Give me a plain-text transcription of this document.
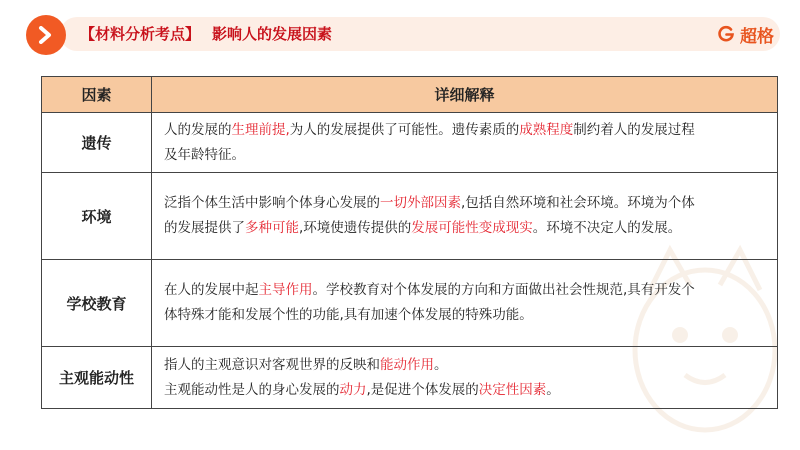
【材料分析考点】 影响人的发展因素	超格
因素	详细解释
遗传	人的发展的生理前提,为人的发展提供了可能性。遗传素质的成熟程度制约着人的发展过程
及年龄特征。

环境	泛指个体生活中影响个体身心发展的一切外部因素,包括自然环境和社会环境。环境为个体
的发展提供了多种可能,环境使遗传提供的发展可能性变成现实。环境不决定人的发展。

学校教育	在人的发展中起主导作用。学校教育对个体发展的方向和方面做出社会性规范,具有开发个
体特殊才能和发展个性的功能,具有加速个体发展的特殊功能。

主观能动性	指人的主观意识对客观世界的反映和能动作用。
主观能动性是人的身心发展的动力,是促进个体发展的决定性因素。
